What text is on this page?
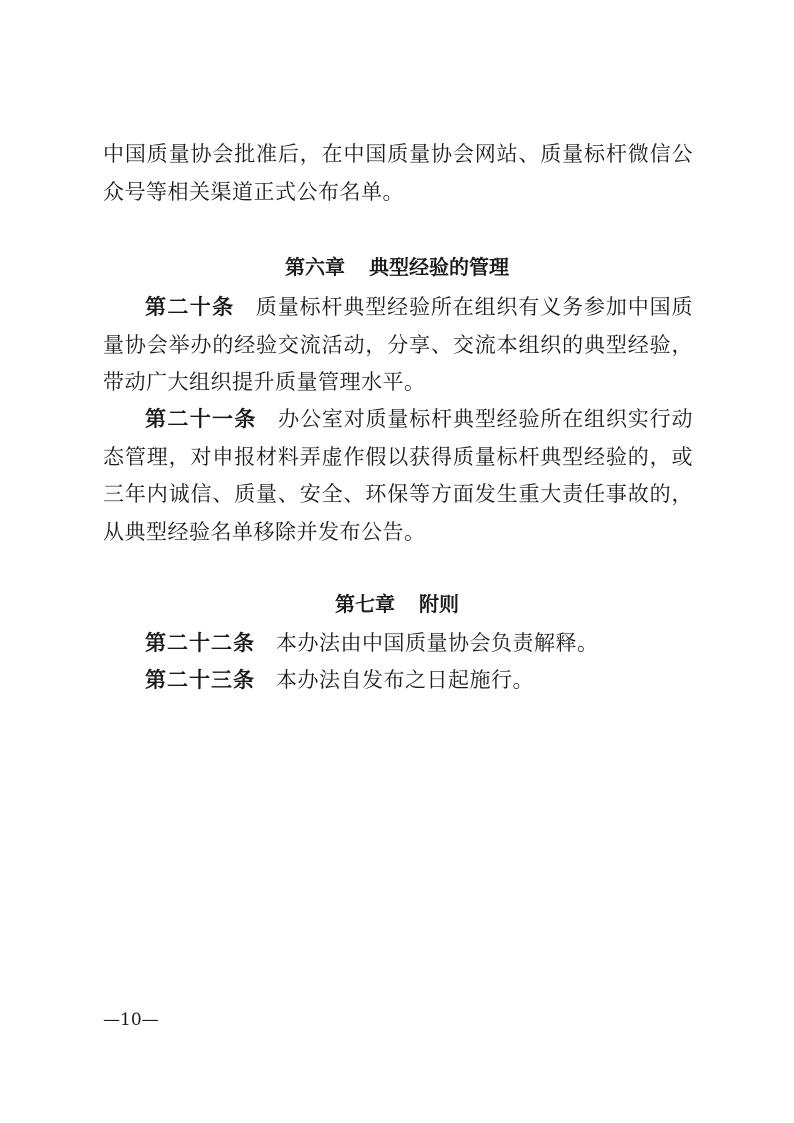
中国质量协会批准后，在中国质量协会网站、质量标杆微信公众号等相关渠道正式公布名单。

第六章 典型经验的管理

第二十条 质量标杆典型经验所在组织有义务参加中国质量协会举办的经验交流活动，分享、交流本组织的典型经验，带动广大组织提升质量管理水平。

第二十一条 办公室对质量标杆典型经验所在组织实行动态管理，对申报材料弄虚作假以获得质量标杆典型经验的，或三年内诚信、质量、安全、环保等方面发生重大责任事故的，从典型经验名单移除并发布公告。

第七章 附则

第二十二条 本办法由中国质量协会负责解释。

第二十三条 本办法自发布之日起施行。

—10—
